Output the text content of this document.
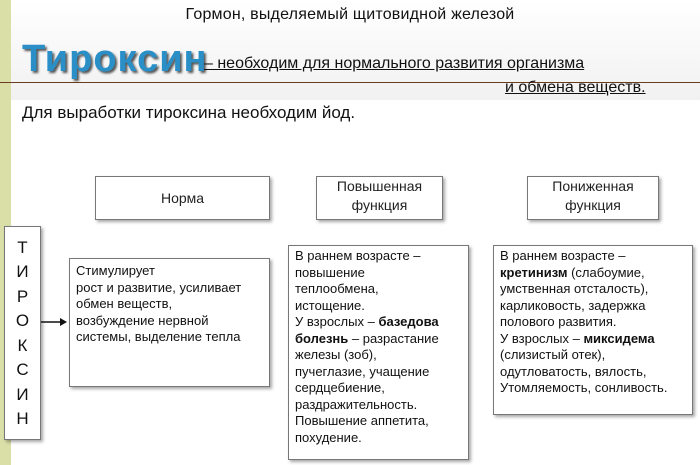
Гормон, выделяемый щитовидной железой
Тироксин
– необходим для нормального развития организма
и обмена веществ.
Для выработки тироксина необходим йод.
Норма
Повышенная
функция
Пониженная
функция
Т
И
Р
О
К
С
И
Н
Стимулирует
рост и развитие, усиливает
обмен веществ,
возбуждение нервной
системы, выделение тепла
В раннем возрасте –
повышение
теплообмена,
истощение.
У взрослых – базедова
болезнь – разрастание
железы (зоб),
пучеглазие, учащение
сердцебиение,
раздражительность.
Повышение аппетита,
похудение.
В раннем возрасте –
кретинизм (слабоумие,
умственная отсталость),
карликовость, задержка
полового развития.
У взрослых – миксидема
(слизистый отек),
одутловатость, вялость,
Утомляемость, сонливость.
